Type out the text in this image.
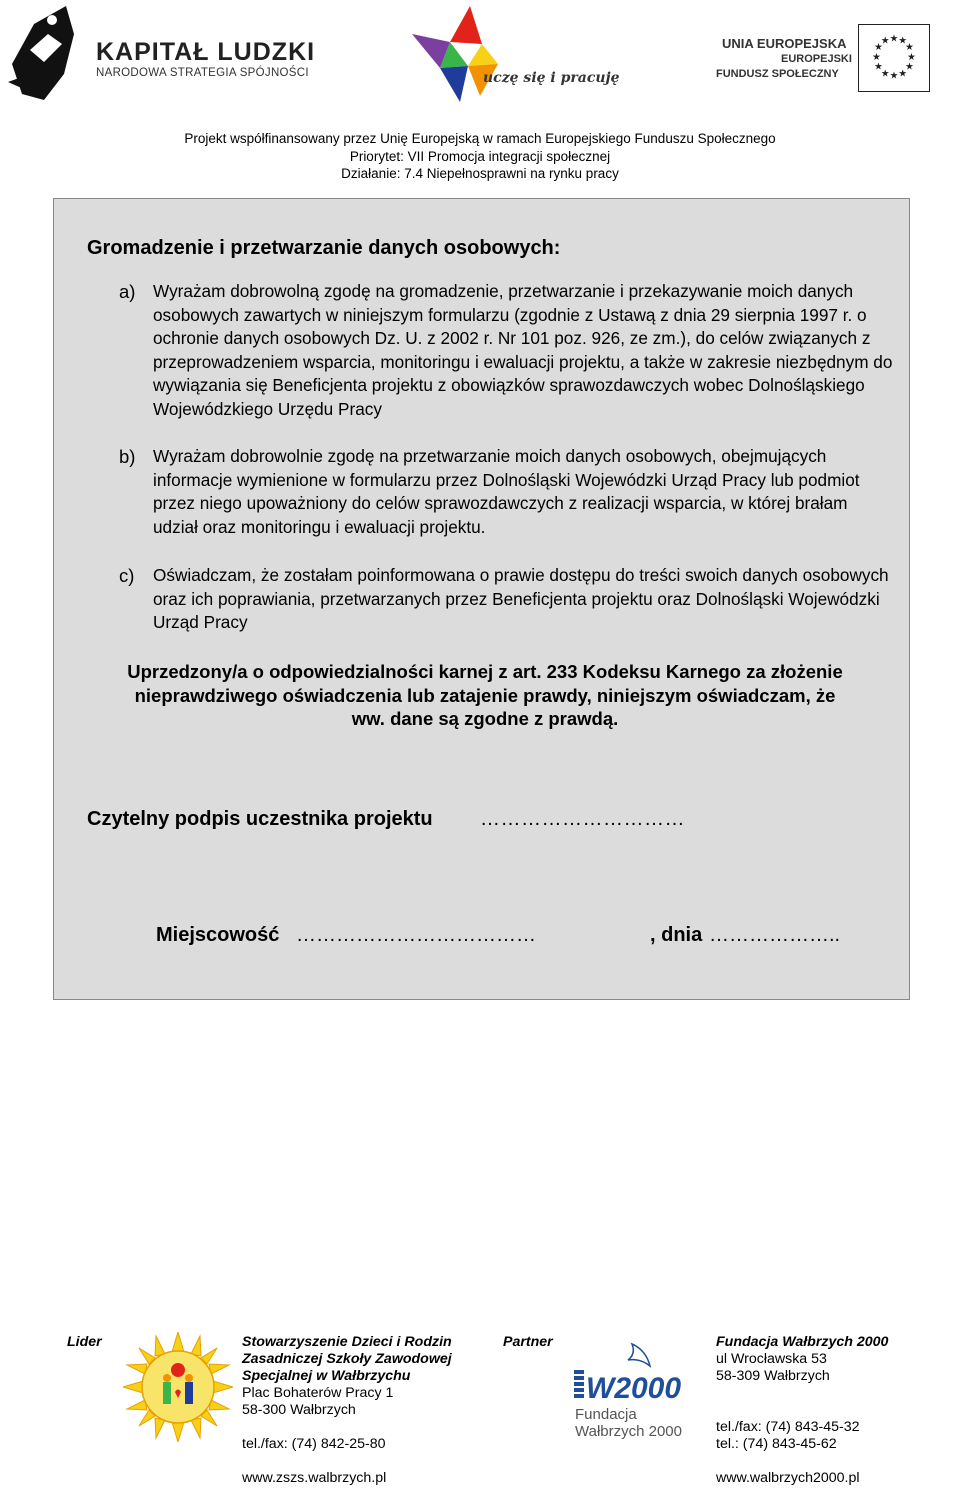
KAPITAŁ LUDZKI
NARODOWA STRATEGIA SPÓJNOŚCI	uczę się i pracuję
UNIA EUROPEJSKA
EUROPEJSKI
FUNDUSZ SPOŁECZNY
★ ★
★
★
★
★
★
★
★
★
★
★
Projekt współfinansowany przez Unię Europejską w ramach Europejskiego Funduszu Społecznego
Priorytet: VII Promocja integracji społecznej
Działanie: 7.4 Niepełnosprawni na rynku pracy
Gromadzenie i przetwarzanie danych osobowych:
a) Wyrażam dobrowolną zgodę na gromadzenie, przetwarzanie i przekazywanie moich danych osobowych zawartych w niniejszym formularzu (zgodnie z Ustawą z dnia 29 sierpnia 1997 r. o ochronie danych osobowych Dz. U. z 2002 r. Nr 101 poz. 926, ze zm.), do celów związanych z przeprowadzeniem wsparcia, monitoringu i ewaluacji projektu, a także w zakresie niezbędnym do wywiązania się Beneficjenta projektu z obowiązków sprawozdawczych wobec Dolnośląskiego Wojewódzkiego Urzędu Pracy
b) Wyrażam dobrowolnie zgodę na przetwarzanie moich danych osobowych, obejmujących informacje wymienione w formularzu przez Dolnośląski Wojewódzki Urząd Pracy lub podmiot przez niego upoważniony do celów sprawozdawczych z realizacji wsparcia, w której brałam udział oraz monitoringu i ewaluacji projektu.
c) Oświadczam, że zostałam poinformowana o prawie dostępu do treści swoich danych osobowych oraz ich poprawiania, przetwarzanych przez Beneficjenta projektu oraz Dolnośląski Wojewódzki Urząd Pracy
Uprzedzony/a o odpowiedzialności karnej z art. 233 Kodeksu Karnego za złożenie nieprawdziwego oświadczenia lub zatajenie prawdy, niniejszym oświadczam, że ww. dane są zgodne z prawdą.
Czytelny podpis uczestnika projektu …………………………
Miejscowość ………………………………	, dnia ………………..
Lider	Stowarzyszenie Dzieci i Rodzin
Zasadniczej Szkoły Zawodowej
Specjalnej w Wałbrzychu
Plac Bohaterów Pracy 1
58-300 Wałbrzych
tel./fax: (74) 842-25-80
www.zszs.walbrzych.pl
Partner
W2000
Fundacja
Wałbrzych 2000
Fundacja Wałbrzych 2000
ul Wrocławska 53
58-309 Wałbrzych
tel./fax: (74) 843-45-32
tel.: (74) 843-45-62
www.walbrzych2000.pl
